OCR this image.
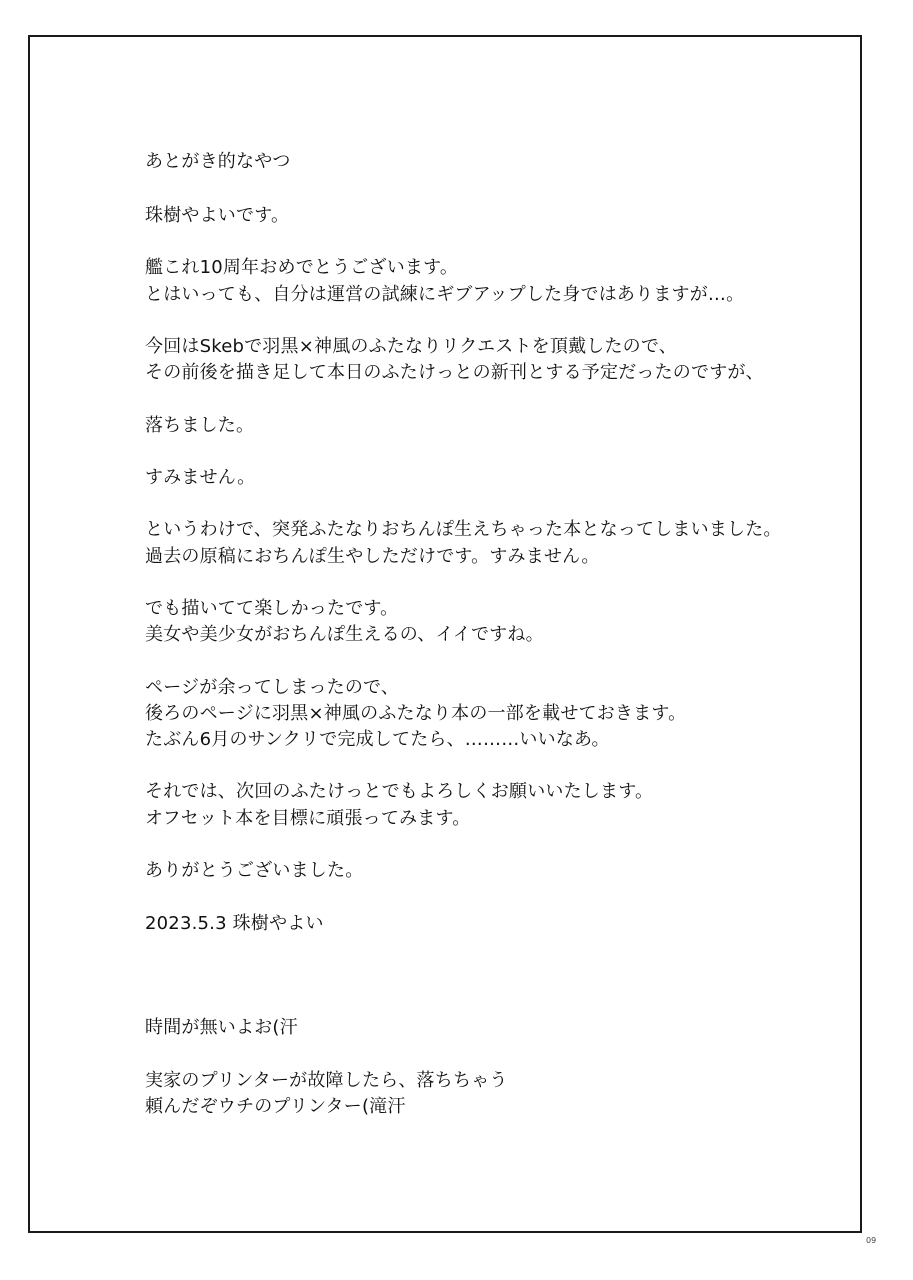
あとがき的なやつ
珠樹やよいです。
艦これ10周年おめでとうございます。
とはいっても、自分は運営の試練にギブアップした身ではありますが…。
今回はSkebで羽黒×神風のふたなりリクエストを頂戴したので、
その前後を描き足して本日のふたけっとの新刊とする予定だったのですが、
落ちました。
すみません。
というわけで、突発ふたなりおちんぽ生えちゃった本となってしまいました。
過去の原稿におちんぽ生やしただけです。すみません。
でも描いてて楽しかったです。
美女や美少女がおちんぽ生えるの、イイですね。
ページが余ってしまったので、
後ろのページに羽黒×神風のふたなり本の一部を載せておきます。
たぶん6月のサンクリで完成してたら、………いいなあ。
それでは、次回のふたけっとでもよろしくお願いいたします。
オフセット本を目標に頑張ってみます。
ありがとうございました。
2023.5.3 珠樹やよい
時間が無いよお(汗
実家のプリンターが故障したら、落ちちゃう
頼んだぞウチのプリンター(滝汗
09
